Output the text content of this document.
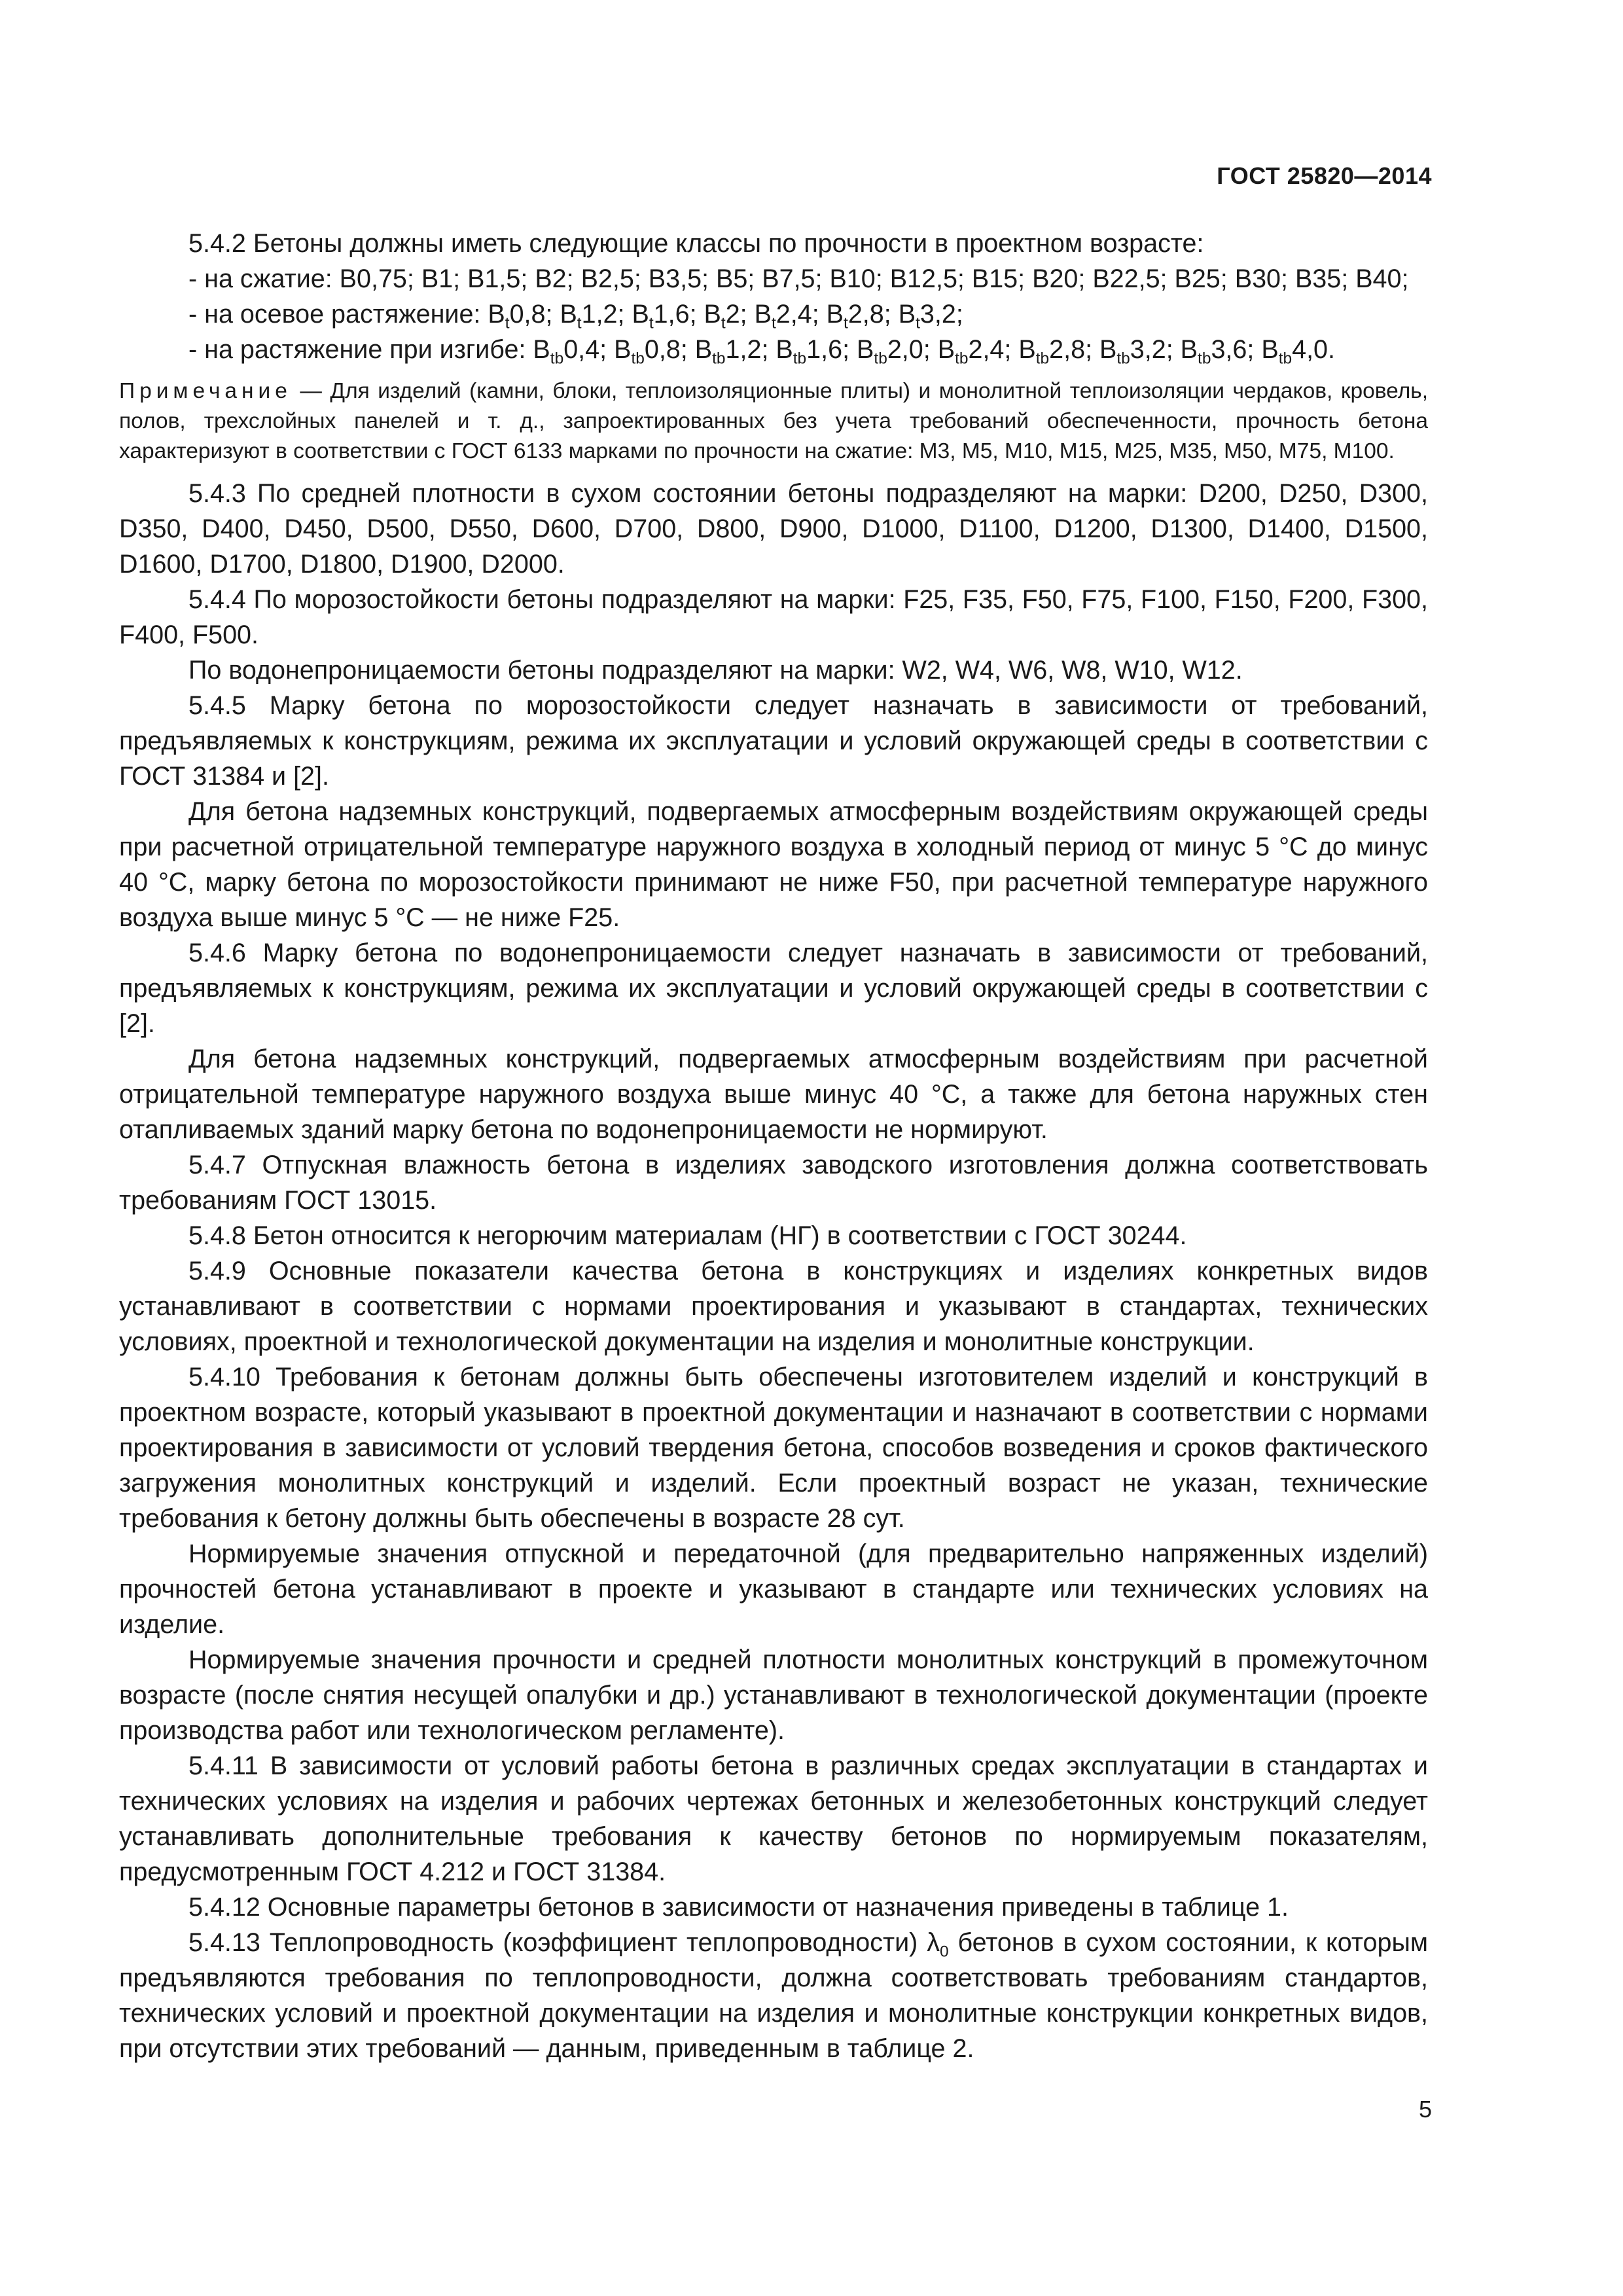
ГОСТ 25820—2014

5.4.2 Бетоны должны иметь следующие классы по прочности в проектном возрасте:

- на сжатие: В0,75; В1; В1,5; В2; В2,5; В3,5; В5; В7,5; В10; В12,5; В15; В20; В22,5; В25; В30; В35; В40;

- на осевое растяжение: $В_t0,8$; $В_t1,2$; $В_t1,6$; $В_t2$; $В_t2,4$; $В_t2,8$; $В_t3,2$;

- на растяжение при изгибе: $В_{tb}0,4$; $В_{tb}0,8$; $В_{tb}1,2$; $В_{tb}1,6$; $В_{tb}2,0$; $В_{tb}2,4$; $В_{tb}2,8$; $В_{tb}3,2$; $В_{tb}3,6$; $В_{tb}4,0$.

Примечание — Для изделий (камни, блоки, теплоизоляционные плиты) и монолитной теплоизоляции чердаков, кровель, полов, трехслойных панелей и т. д., запроектированных без учета требований обеспеченности, прочность бетона характеризуют в соответствии с ГОСТ 6133 марками по прочности на сжатие: М3, М5, М10, М15, М25, М35, М50, М75, М100.

5.4.3 По средней плотности в сухом состоянии бетоны подразделяют на марки: D200, D250, D300, D350, D400, D450, D500, D550, D600, D700, D800, D900, D1000, D1100, D1200, D1300, D1400, D1500, D1600, D1700, D1800, D1900, D2000.

5.4.4 По морозостойкости бетоны подразделяют на марки: F25, F35, F50, F75, F100, F150, F200, F300, F400, F500.

По водонепроницаемости бетоны подразделяют на марки: W2, W4, W6, W8, W10, W12.

5.4.5 Марку бетона по морозостойкости следует назначать в зависимости от требований, предъявляемых к конструкциям, режима их эксплуатации и условий окружающей среды в соответствии с ГОСТ 31384 и [2].

Для бетона надземных конструкций, подвергаемых атмосферным воздействиям окружающей среды при расчетной отрицательной температуре наружного воздуха в холодный период от минус 5 °С до минус 40 °С, марку бетона по морозостойкости принимают не ниже F50, при расчетной температуре наружного воздуха выше минус 5 °С — не ниже F25.

5.4.6 Марку бетона по водонепроницаемости следует назначать в зависимости от требований, предъявляемых к конструкциям, режима их эксплуатации и условий окружающей среды в соответствии с [2].

Для бетона надземных конструкций, подвергаемых атмосферным воздействиям при расчетной отрицательной температуре наружного воздуха выше минус 40 °С, а также для бетона наружных стен отапливаемых зданий марку бетона по водонепроницаемости не нормируют.

5.4.7 Отпускная влажность бетона в изделиях заводского изготовления должна соответствовать требованиям ГОСТ 13015.

5.4.8 Бетон относится к негорючим материалам (НГ) в соответствии с ГОСТ 30244.

5.4.9 Основные показатели качества бетона в конструкциях и изделиях конкретных видов устанавливают в соответствии с нормами проектирования и указывают в стандартах, технических условиях, проектной и технологической документации на изделия и монолитные конструкции.

5.4.10 Требования к бетонам должны быть обеспечены изготовителем изделий и конструкций в проектном возрасте, который указывают в проектной документации и назначают в соответствии с нормами проектирования в зависимости от условий твердения бетона, способов возведения и сроков фактического загружения монолитных конструкций и изделий. Если проектный возраст не указан, технические требования к бетону должны быть обеспечены в возрасте 28 сут.

Нормируемые значения отпускной и передаточной (для предварительно напряженных изделий) прочностей бетона устанавливают в проекте и указывают в стандарте или технических условиях на изделие.

Нормируемые значения прочности и средней плотности монолитных конструкций в промежуточном возрасте (после снятия несущей опалубки и др.) устанавливают в технологической документации (проекте производства работ или технологическом регламенте).

5.4.11 В зависимости от условий работы бетона в различных средах эксплуатации в стандартах и технических условиях на изделия и рабочих чертежах бетонных и железобетонных конструкций следует устанавливать дополнительные требования к качеству бетонов по нормируемым показателям, предусмотренным ГОСТ 4.212 и ГОСТ 31384.

5.4.12 Основные параметры бетонов в зависимости от назначения приведены в таблице 1.

5.4.13 Теплопроводность (коэффициент теплопроводности) $\lambda_0$ бетонов в сухом состоянии, к которым предъявляются требования по теплопроводности, должна соответствовать требованиям стандартов, технических условий и проектной документации на изделия и монолитные конструкции конкретных видов, при отсутствии этих требований — данным, приведенным в таблице 2.

5
